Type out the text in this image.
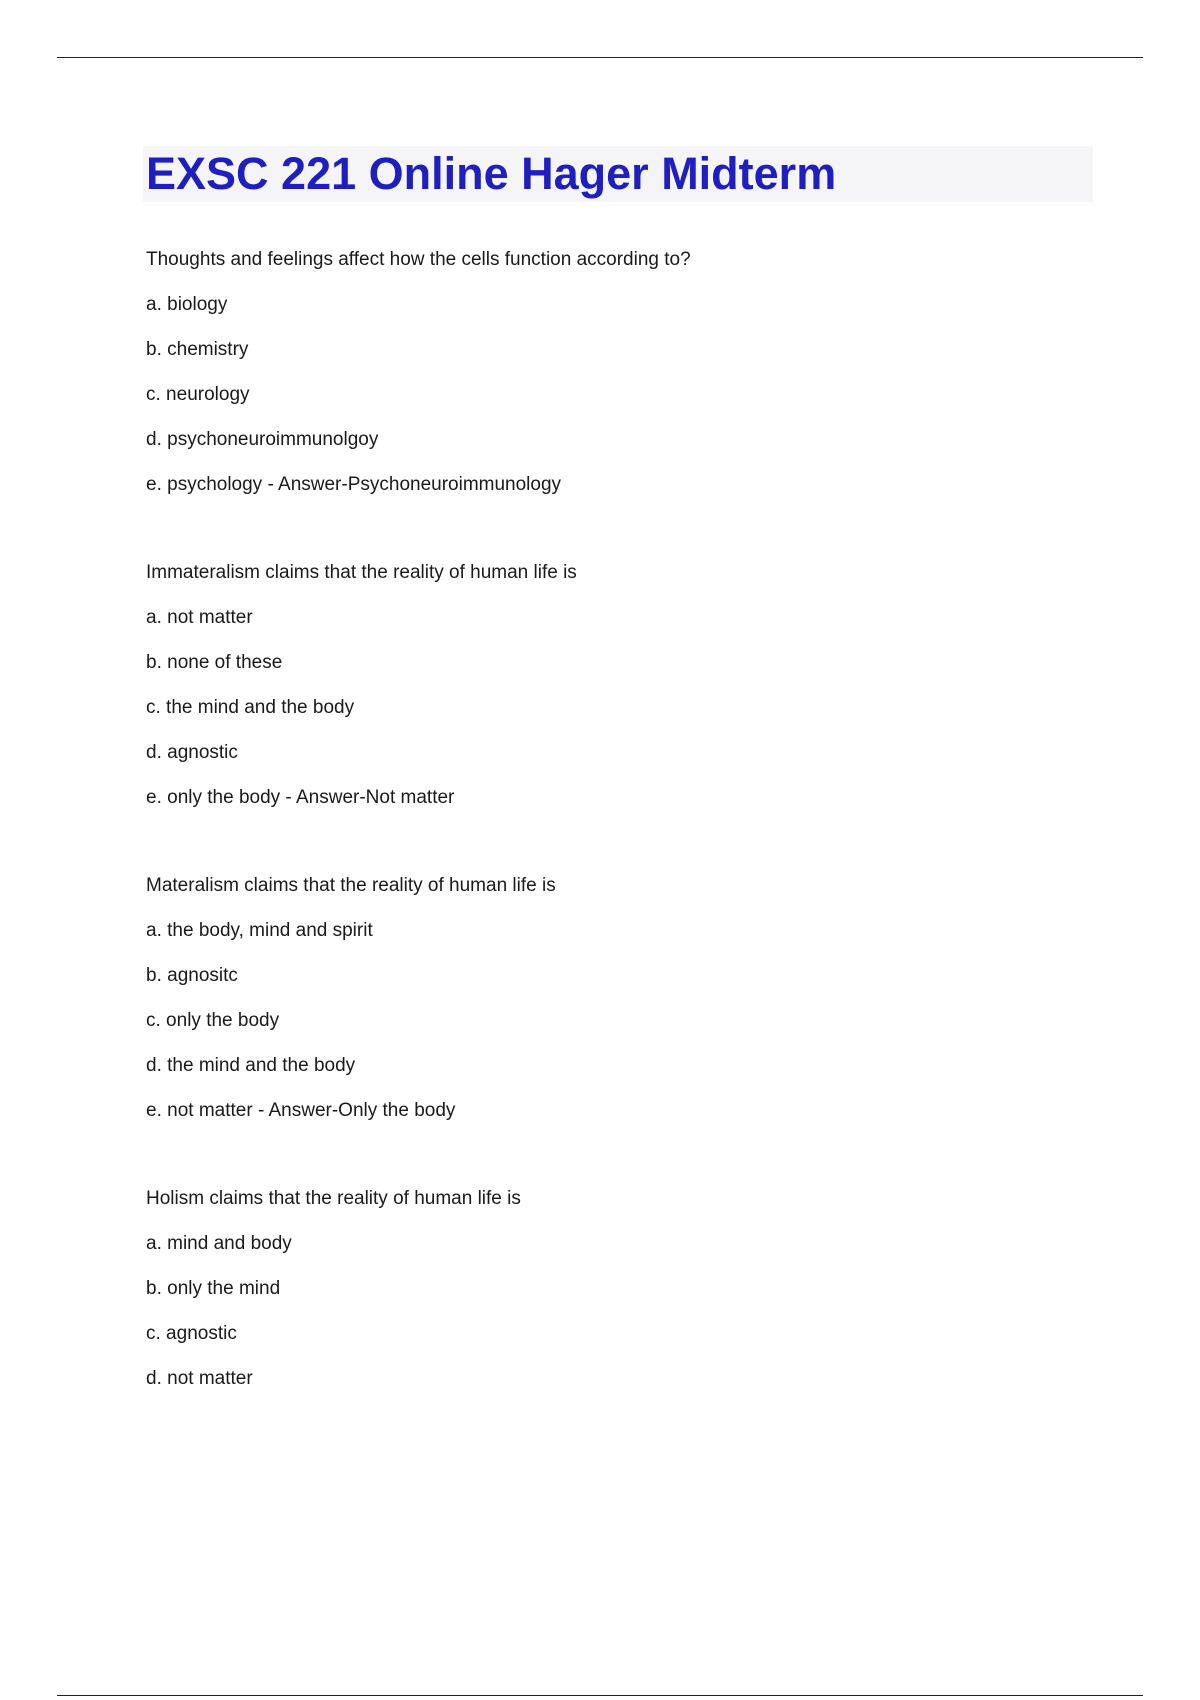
EXSC 221 Online Hager Midterm

Thoughts and feelings affect how the cells function according to?

a. biology

b. chemistry

c. neurology

d. psychoneuroimmunolgoy

e. psychology - Answer-Psychoneuroimmunology

Immateralism claims that the reality of human life is

a. not matter

b. none of these

c. the mind and the body

d. agnostic

e. only the body - Answer-Not matter

Materalism claims that the reality of human life is

a. the body, mind and spirit

b. agnositc

c. only the body

d. the mind and the body

e. not matter - Answer-Only the body

Holism claims that the reality of human life is

a. mind and body

b. only the mind

c. agnostic

d. not matter
